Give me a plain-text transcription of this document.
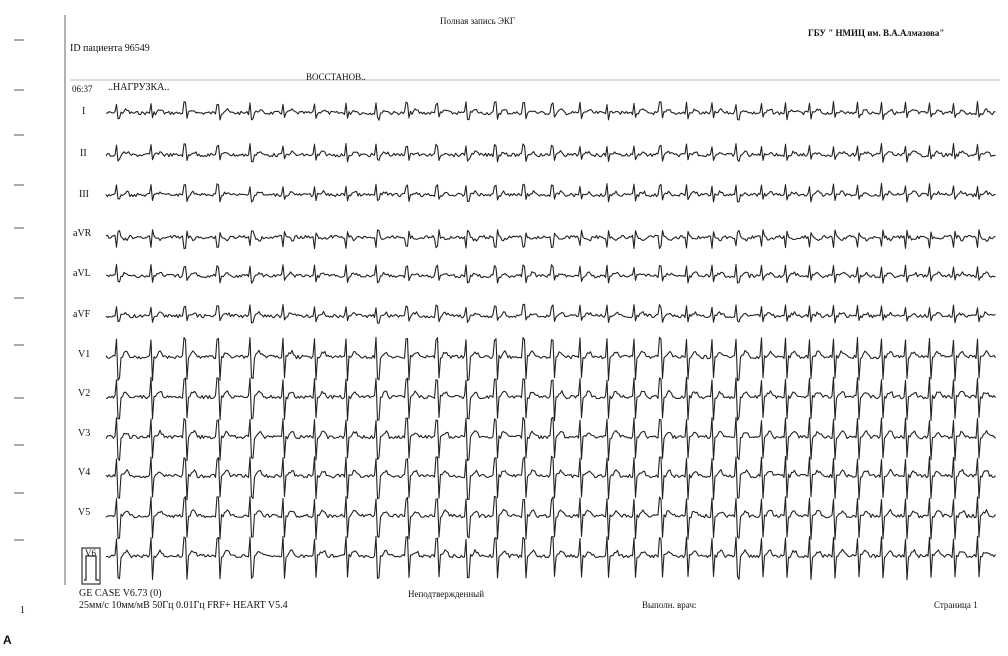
Полная запись ЭКГ
ГБУ " НМИЦ им. В.А.Алмазова"
ID пациента 96549
06:37 ..НАГРУЗКА..
ВОССТАНОВ..
I
II
III
aVR
aVL
aVF
V1
V2
V3
V4
V5
V6
GE CASE V6.73 (0)
25мм/с 10мм/мВ 50Гц 0.01Гц FRF+ HEART V5.4
Неподтвержденный
Выполн. врач:	Страница 1
1
A
